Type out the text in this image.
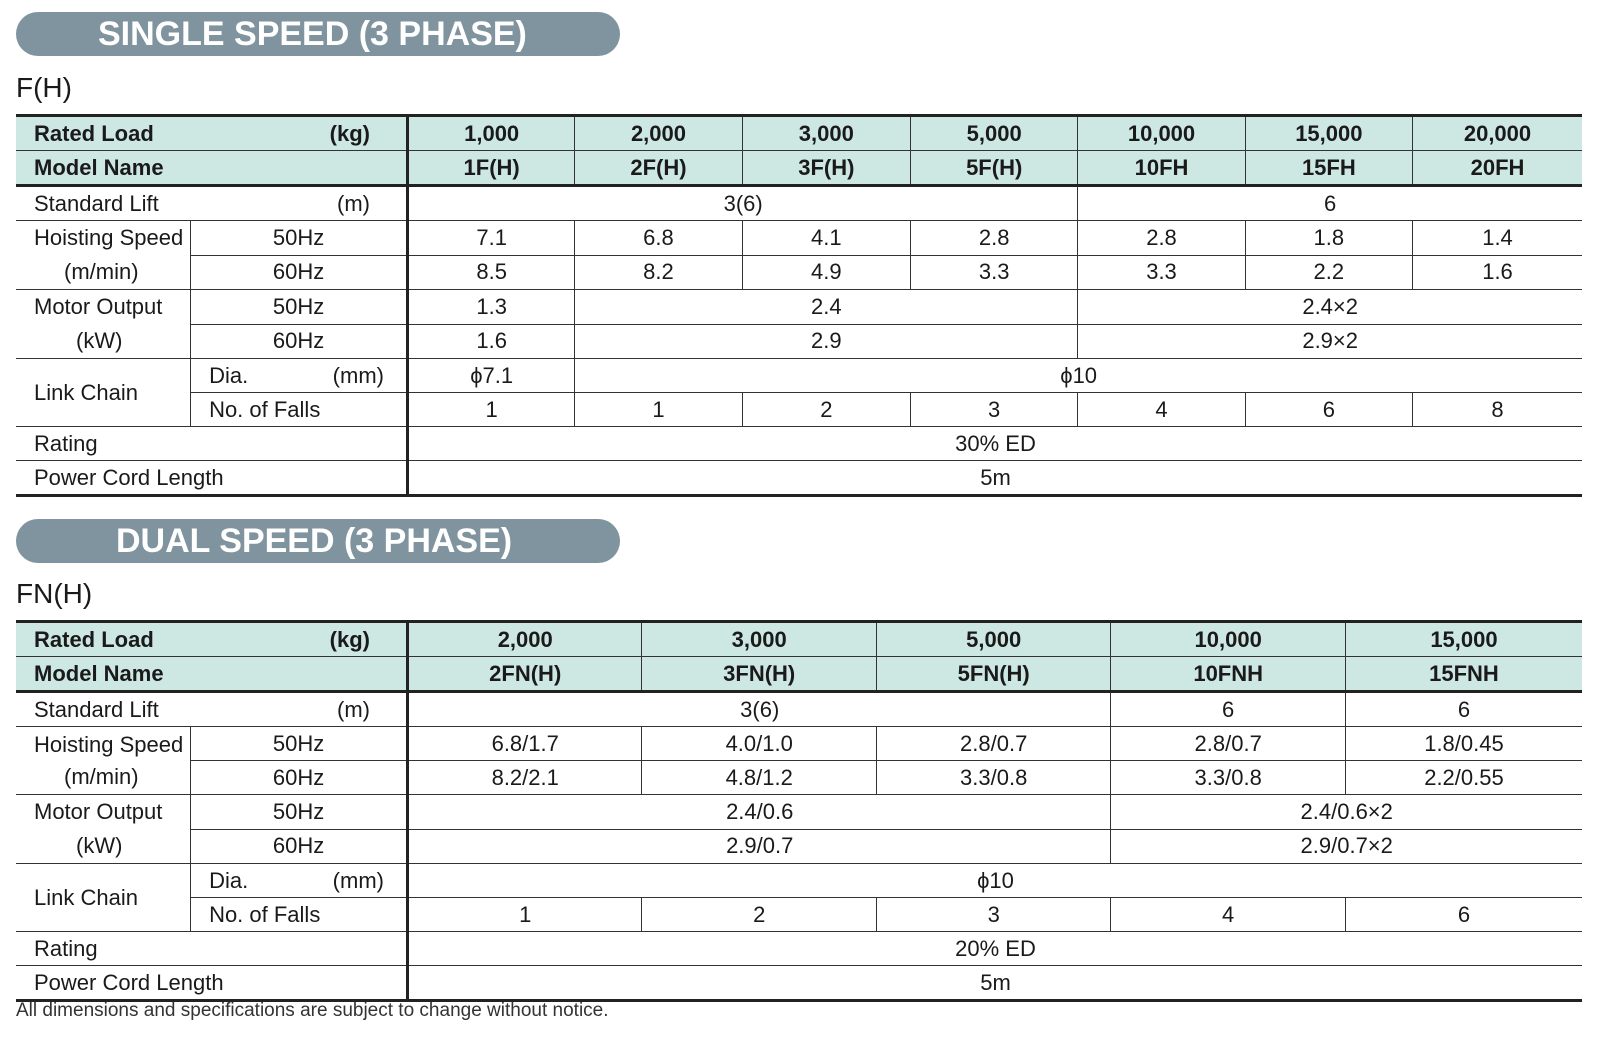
SINGLE SPEED (3 PHASE)
F(H)
Rated Load (kg)		1,000	2,000	3,000	5,000	10,000	15,000	20,000
Model Name		1F(H)	2F(H)	3F(H)	5F(H)	10FH	15FH	20FH

Standard Lift (m)		3(6)				6		

Hoisting Speed
(m/min)	50Hz	7.1	6.8	4.1	2.8	2.8	1.8	1.4
	60Hz	8.5	8.2	4.9	3.3	3.3	2.2	1.6

Motor Output
(kW)	50Hz	1.3	2.4			2.4×2		
	60Hz	1.6	2.9			2.9×2		
Link Chain	Dia. (mm)	ϕ7.1	ϕ10					
	No. of Falls	1	1	2	3	4	6	8
Rating		30% ED						
Power Cord Length		5m						
DUAL SPEED (3 PHASE)
FN(H)
Rated Load (kg)		2,000	3,000	5,000	10,000	15,000
Model Name		2FN(H)	3FN(H)	5FN(H)	10FNH	15FNH

Standard Lift (m)		3(6)			6	6

Hoisting Speed
(m/min)	50Hz	6.8/1.7	4.0/1.0	2.8/0.7	2.8/0.7	1.8/0.45
	60Hz	8.2/2.1	4.8/1.2	3.3/0.8	3.3/0.8	2.2/0.55

Motor Output
(kW)	50Hz	2.4/0.6			2.4/0.6×2	
	60Hz	2.9/0.7			2.9/0.7×2	
Link Chain	Dia. (mm)	ϕ10				
	No. of Falls	1	2	3	4	6
Rating		20% ED				
Power Cord Length		5m				
All dimensions and specifications are subject to change without notice.
